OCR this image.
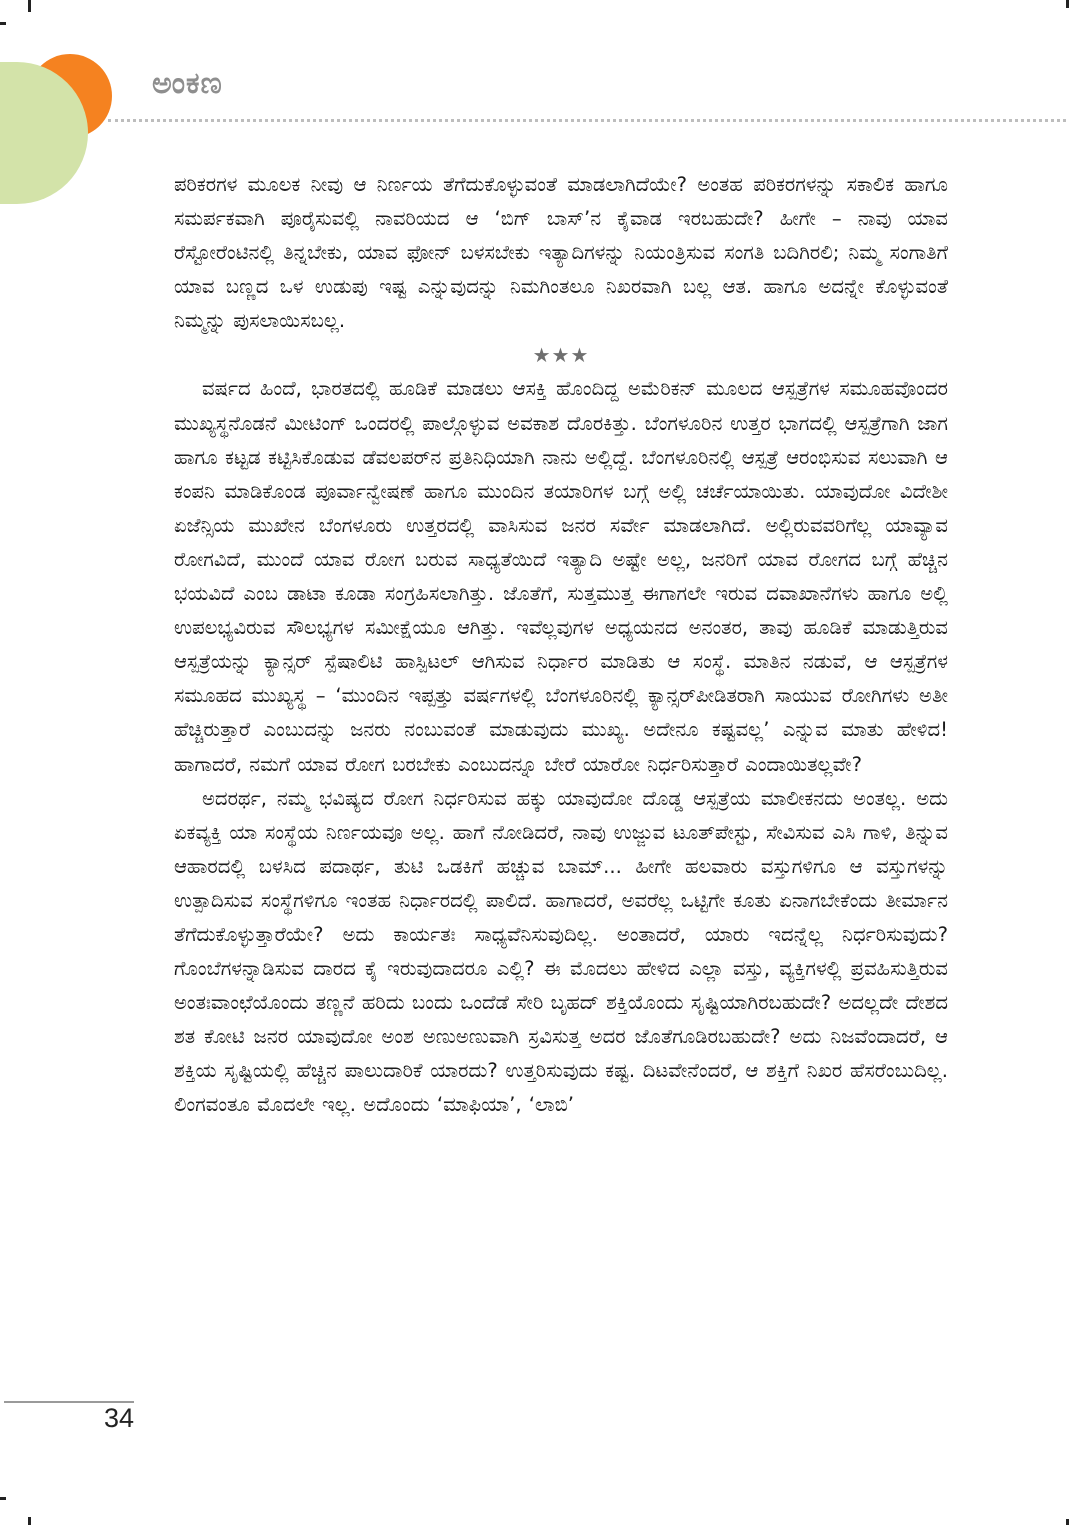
ಅಂಕಣ

ಪರಿಕರಗಳ ಮೂಲಕ ನೀವು ಆ ನಿರ್ಣಯ ತೆಗೆದುಕೊಳ್ಳುವಂತೆ ಮಾಡಲಾಗಿದೆಯೇ? ಅಂತಹ ಪರಿಕರಗಳನ್ನು ಸಕಾಲಿಕ ಹಾಗೂ ಸಮರ್ಪಕವಾಗಿ ಪೂರೈಸುವಲ್ಲಿ ನಾವರಿಯದ ಆ ‘ಬಿಗ್ ಬಾಸ್’ನ ಕೈವಾಡ ಇರಬಹುದೇ? ಹೀಗೇ – ನಾವು ಯಾವ ರೆಸ್ಟೋರೆಂಟಿನಲ್ಲಿ ತಿನ್ನಬೇಕು, ಯಾವ ಫೋನ್ ಬಳಸಬೇಕು ಇತ್ಯಾದಿಗಳನ್ನು ನಿಯಂತ್ರಿಸುವ ಸಂಗತಿ ಬದಿಗಿರಲಿ; ನಿಮ್ಮ ಸಂಗಾತಿಗೆ ಯಾವ ಬಣ್ಣದ ಒಳ ಉಡುಪು ಇಷ್ಟ ಎನ್ನುವುದನ್ನು ನಿಮಗಿಂತಲೂ ನಿಖರವಾಗಿ ಬಲ್ಲ ಆತ. ಹಾಗೂ ಅದನ್ನೇ ಕೊಳ್ಳುವಂತೆ ನಿಮ್ಮನ್ನು ಪುಸಲಾಯಿಸಬಲ್ಲ.

★★★

ವರ್ಷದ ಹಿಂದೆ, ಭಾರತದಲ್ಲಿ ಹೂಡಿಕೆ ಮಾಡಲು ಆಸಕ್ತಿ ಹೊಂದಿದ್ದ ಅಮೆರಿಕನ್ ಮೂಲದ ಆಸ್ಪತ್ರೆಗಳ ಸಮೂಹವೊಂದರ ಮುಖ್ಯಸ್ಥನೊಡನೆ ಮೀಟಿಂಗ್ ಒಂದರಲ್ಲಿ ಪಾಲ್ಗೊಳ್ಳುವ ಅವಕಾಶ ದೊರಕಿತ್ತು. ಬೆಂಗಳೂರಿನ ಉತ್ತರ ಭಾಗದಲ್ಲಿ ಆಸ್ಪತ್ರೆಗಾಗಿ ಜಾಗ ಹಾಗೂ ಕಟ್ಟಡ ಕಟ್ಟಿಸಿಕೊಡುವ ಡೆವಲಪರ್‌ನ ಪ್ರತಿನಿಧಿಯಾಗಿ ನಾನು ಅಲ್ಲಿದ್ದೆ. ಬೆಂಗಳೂರಿನಲ್ಲಿ ಆಸ್ಪತ್ರೆ ಆರಂಭಿಸುವ ಸಲುವಾಗಿ ಆ ಕಂಪನಿ ಮಾಡಿಕೊಂಡ ಪೂರ್ವಾನ್ವೇಷಣೆ ಹಾಗೂ ಮುಂದಿನ ತಯಾರಿಗಳ ಬಗ್ಗೆ ಅಲ್ಲಿ ಚರ್ಚೆಯಾಯಿತು. ಯಾವುದೋ ವಿದೇಶೀ ಏಜೆನ್ಸಿಯ ಮುಖೇನ ಬೆಂಗಳೂರು ಉತ್ತರದಲ್ಲಿ ವಾಸಿಸುವ ಜನರ ಸರ್ವೇ ಮಾಡಲಾಗಿದೆ. ಅಲ್ಲಿರುವವರಿಗೆಲ್ಲ ಯಾವ್ಯಾವ ರೋಗವಿದೆ, ಮುಂದೆ ಯಾವ ರೋಗ ಬರುವ ಸಾಧ್ಯತೆಯಿದೆ ಇತ್ಯಾದಿ ಅಷ್ಟೇ ಅಲ್ಲ, ಜನರಿಗೆ ಯಾವ ರೋಗದ ಬಗ್ಗೆ ಹೆಚ್ಚಿನ ಭಯವಿದೆ ಎಂಬ ಡಾಟಾ ಕೂಡಾ ಸಂಗ್ರಹಿಸಲಾಗಿತ್ತು. ಜೊತೆಗೆ, ಸುತ್ತಮುತ್ತ ಈಗಾಗಲೇ ಇರುವ ದವಾಖಾನೆಗಳು ಹಾಗೂ ಅಲ್ಲಿ ಉಪಲಭ್ಯವಿರುವ ಸೌಲಭ್ಯಗಳ ಸಮೀಕ್ಷೆಯೂ ಆಗಿತ್ತು. ಇವೆಲ್ಲವುಗಳ ಅಧ್ಯಯನದ ಅನಂತರ, ತಾವು ಹೂಡಿಕೆ ಮಾಡುತ್ತಿರುವ ಆಸ್ಪತ್ರೆಯನ್ನು ಕ್ಯಾನ್ಸರ್ ಸ್ಪೆಷಾಲಿಟಿ ಹಾಸ್ಪಿಟಲ್ ಆಗಿಸುವ ನಿರ್ಧಾರ ಮಾಡಿತು ಆ ಸಂಸ್ಥೆ. ಮಾತಿನ ನಡುವೆ, ಆ ಆಸ್ಪತ್ರೆಗಳ ಸಮೂಹದ ಮುಖ್ಯಸ್ಥ – ‘ಮುಂದಿನ ಇಪ್ಪತ್ತು ವರ್ಷಗಳಲ್ಲಿ ಬೆಂಗಳೂರಿನಲ್ಲಿ ಕ್ಯಾನ್ಸರ್‌ಪೀಡಿತರಾಗಿ ಸಾಯುವ ರೋಗಿಗಳು ಅತೀ ಹೆಚ್ಚಿರುತ್ತಾರೆ ಎಂಬುದನ್ನು ಜನರು ನಂಬುವಂತೆ ಮಾಡುವುದು ಮುಖ್ಯ. ಅದೇನೂ ಕಷ್ಟವಲ್ಲ’ ಎನ್ನುವ ಮಾತು ಹೇಳಿದ! ಹಾಗಾದರೆ, ನಮಗೆ ಯಾವ ರೋಗ ಬರಬೇಕು ಎಂಬುದನ್ನೂ ಬೇರೆ ಯಾರೋ ನಿರ್ಧರಿಸುತ್ತಾರೆ ಎಂದಾಯಿತಲ್ಲವೇ?

ಅದರರ್ಥ, ನಮ್ಮ ಭವಿಷ್ಯದ ರೋಗ ನಿರ್ಧರಿಸುವ ಹಕ್ಕು ಯಾವುದೋ ದೊಡ್ಡ ಆಸ್ಪತ್ರೆಯ ಮಾಲೀಕನದು ಅಂತಲ್ಲ. ಅದು ಏಕವ್ಯಕ್ತಿ ಯಾ ಸಂಸ್ಥೆಯ ನಿರ್ಣಯವೂ ಅಲ್ಲ. ಹಾಗೆ ನೋಡಿದರೆ, ನಾವು ಉಜ್ಜುವ ಟೂತ್‌ಪೇಸ್ಟು, ಸೇವಿಸುವ ಎಸಿ ಗಾಳಿ, ತಿನ್ನುವ ಆಹಾರದಲ್ಲಿ ಬಳಸಿದ ಪದಾರ್ಥ, ತುಟಿ ಒಡಕಿಗೆ ಹಚ್ಚುವ ಬಾಮ್... ಹೀಗೇ ಹಲವಾರು ವಸ್ತುಗಳಿಗೂ ಆ ವಸ್ತುಗಳನ್ನು ಉತ್ಪಾದಿಸುವ ಸಂಸ್ಥೆಗಳಿಗೂ ಇಂತಹ ನಿರ್ಧಾರದಲ್ಲಿ ಪಾಲಿದೆ. ಹಾಗಾದರೆ, ಅವರೆಲ್ಲ ಒಟ್ಟಿಗೇ ಕೂತು ಏನಾಗಬೇಕೆಂದು ತೀರ್ಮಾನ ತೆಗೆದುಕೊಳ್ಳುತ್ತಾರೆಯೇ? ಅದು ಕಾರ್ಯತಃ ಸಾಧ್ಯವೆನಿಸುವುದಿಲ್ಲ. ಅಂತಾದರೆ, ಯಾರು ಇದನ್ನೆಲ್ಲ ನಿರ್ಧರಿಸುವುದು? ಗೊಂಬೆಗಳನ್ನಾಡಿಸುವ ದಾರದ ಕೈ ಇರುವುದಾದರೂ ಎಲ್ಲಿ? ಈ ಮೊದಲು ಹೇಳಿದ ಎಲ್ಲಾ ವಸ್ತು, ವ್ಯಕ್ತಿಗಳಲ್ಲಿ ಪ್ರವಹಿಸುತ್ತಿರುವ ಅಂತಃವಾಂಛೆಯೊಂದು ತಣ್ಣನೆ ಹರಿದು ಬಂದು ಒಂದೆಡೆ ಸೇರಿ ಬೃಹದ್ ಶಕ್ತಿಯೊಂದು ಸೃಷ್ಟಿಯಾಗಿರಬಹುದೇ? ಅದಲ್ಲದೇ ದೇಶದ ಶತ ಕೋಟಿ ಜನರ ಯಾವುದೋ ಅಂಶ ಅಣುಅಣುವಾಗಿ ಸ್ರವಿಸುತ್ತ ಅದರ ಜೊತೆಗೂಡಿರಬಹುದೇ? ಅದು ನಿಜವೆಂದಾದರೆ, ಆ ಶಕ್ತಿಯ ಸೃಷ್ಟಿಯಲ್ಲಿ ಹೆಚ್ಚಿನ ಪಾಲುದಾರಿಕೆ ಯಾರದು? ಉತ್ತರಿಸುವುದು ಕಷ್ಟ. ದಿಟವೇನೆಂದರೆ, ಆ ಶಕ್ತಿಗೆ ನಿಖರ ಹೆಸರೆಂಬುದಿಲ್ಲ. ಲಿಂಗವಂತೂ ಮೊದಲೇ ಇಲ್ಲ. ಅದೊಂದು ‘ಮಾಫಿಯಾ’, ‘ಲಾಬಿ’

34
